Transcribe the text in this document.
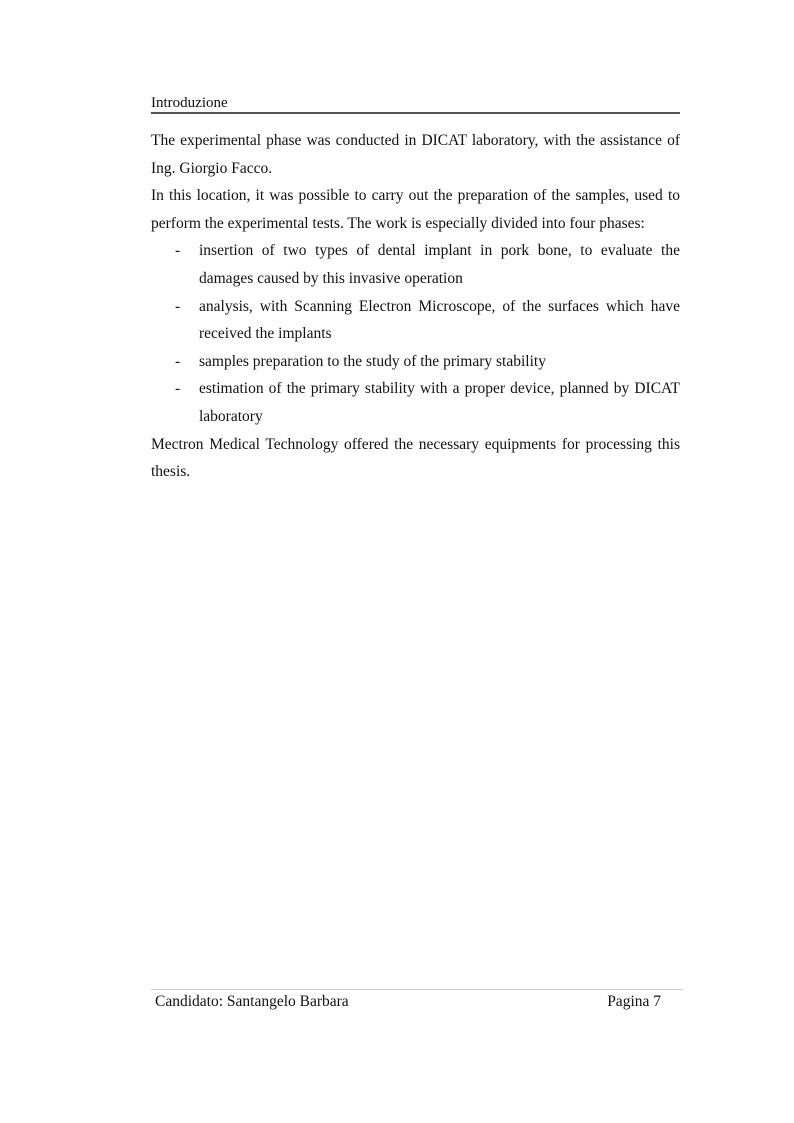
Introduzione

The experimental phase was conducted in DICAT laboratory, with the assistance of Ing. Giorgio Facco.

In this location, it was possible to carry out the preparation of the samples, used to perform the experimental tests. The work is especially divided into four phases:

- insertion of two types of dental implant in pork bone, to evaluate the damages caused by this invasive operation
- analysis, with Scanning Electron Microscope, of the surfaces which have received the implants
- samples preparation to the study of the primary stability
- estimation of the primary stability with a proper device, planned by DICAT laboratory

Mectron Medical Technology offered the necessary equipments for processing this thesis.

Candidato: Santangelo Barbara	Pagina 7
